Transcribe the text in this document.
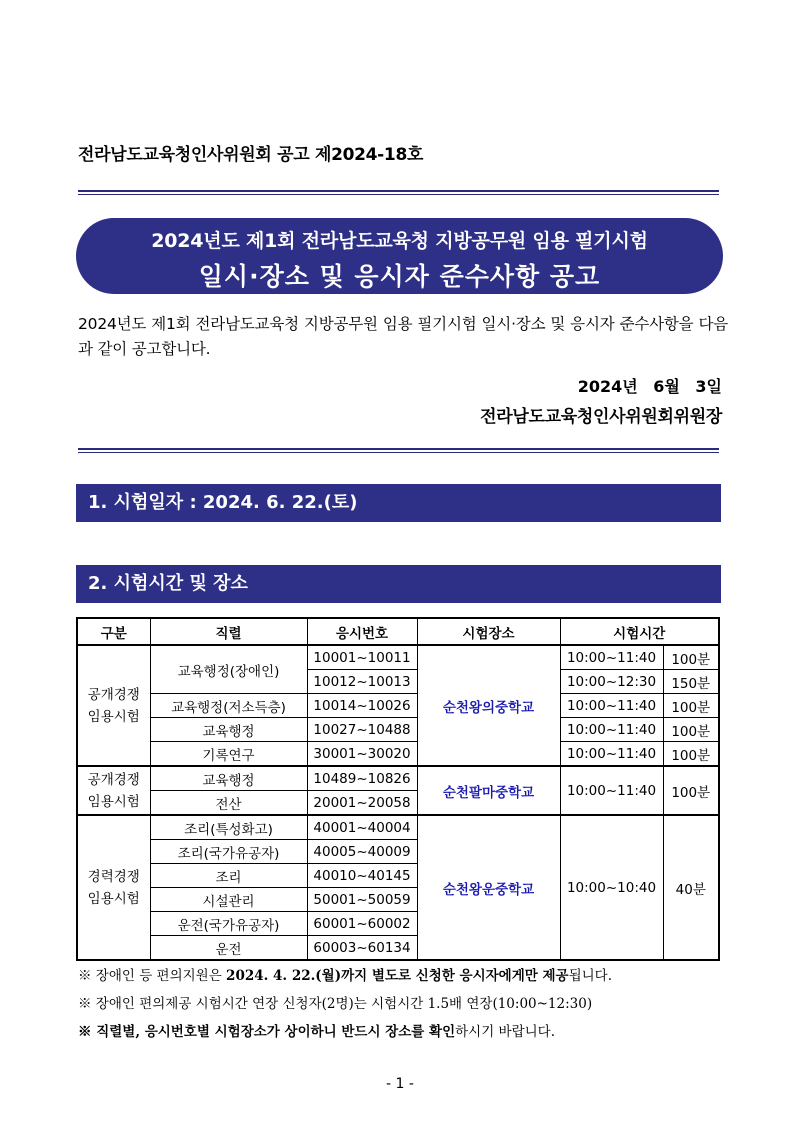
전라남도교육청인사위원회 공고 제2024-18호
2024년도 제1회 전라남도교육청 지방공무원 임용 필기시험
일시·장소 및 응시자 준수사항 공고
2024년도 제1회 전라남도교육청 지방공무원 임용 필기시험 일시·장소 및 응시자 준수사항을 다음과 같이 공고합니다.
2024년 6월 3일
전라남도교육청인사위원회위원장
1. 시험일자 : 2024. 6. 22.(토)
2. 시험시간 및 장소
구분	직렬	응시번호	시험장소	시험시간	
공개경쟁
임용시험	교육행정(장애인)	10001~10011	순천왕의중학교	10:00~11:40	100분
		10012~10013		10:00~12:30	150분
	교육행정(저소득층)	10014~10026		10:00~11:40	100분
	교육행정	10027~10488		10:00~11:40	100분
	기록연구	30001~30020		10:00~11:40	100분
공개경쟁
임용시험	교육행정	10489~10826	순천팔마중학교	10:00~11:40	100분
	전산	20001~20058			
경력경쟁
임용시험	조리(특성화고)	40001~40004	순천왕운중학교	10:00~10:40	40분
	조리(국가유공자)	40005~40009			
	조리	40010~40145			
	시설관리	50001~50059			
	운전(국가유공자)	60001~60002			
	운전	60003~60134			
※ 장애인 등 편의지원은 2024. 4. 22.(월)까지 별도로 신청한 응시자에게만 제공됩니다.
※ 장애인 편의제공 시험시간 연장 신청자(2명)는 시험시간 1.5배 연장(10:00~12:30)
※ 직렬별, 응시번호별 시험장소가 상이하니 반드시 장소를 확인하시기 바랍니다.
- 1 -
